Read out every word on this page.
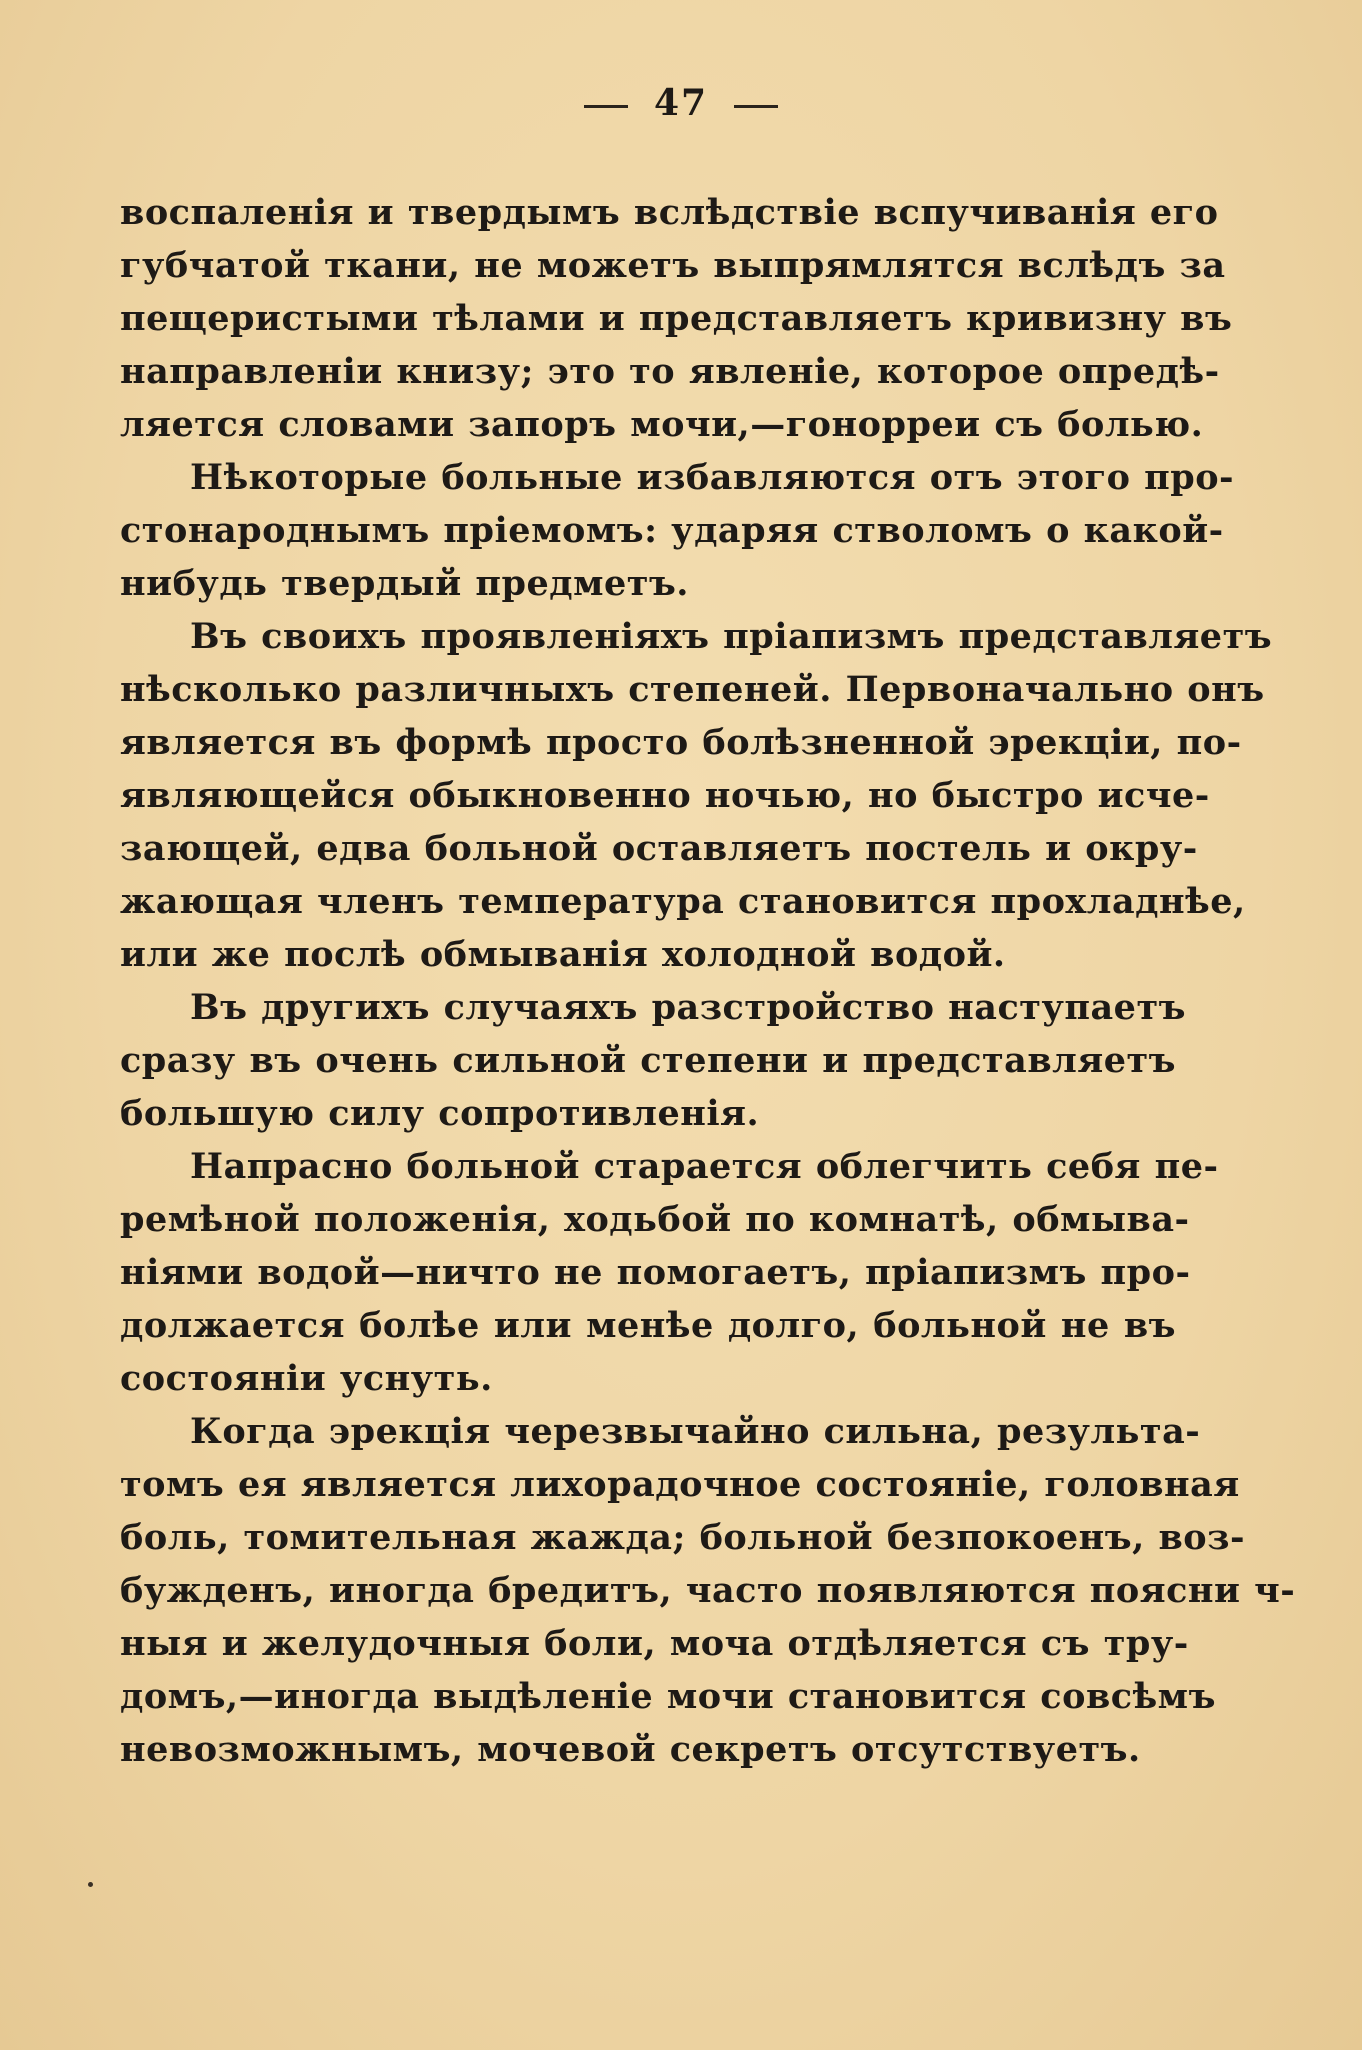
47
воспаленія и твердымъ вслѣдствіе вспучиванія его
губчатой ткани, не можетъ выпрямлятся вслѣдъ за
пещеристыми тѣлами и представляетъ кривизну въ
направленіи книзу; это то явленіе, которое опредѣ-
ляется словами запоръ мочи,—гонорреи съ болью.
Нѣкоторые больные избавляются отъ этого про-
стонароднымъ пріемомъ: ударяя стволомъ о какой-
нибудь твердый предметъ.
Въ своихъ проявленіяхъ пріапизмъ представляетъ
нѣсколько различныхъ степеней. Первоначально онъ
является въ формѣ просто болѣзненной эрекціи, по-
являющейся обыкновенно ночью, но быстро исче-
зающей, едва больной оставляетъ постель и окру-
жающая членъ температура становится прохладнѣе,
или же послѣ обмыванія холодной водой.
Въ другихъ случаяхъ разстройство наступаетъ
сразу въ очень сильной степени и представляетъ
большую силу сопротивленія.
Напрасно больной старается облегчить себя пе-
ремѣной положенія, ходьбой по комнатѣ, обмыва-
ніями водой—ничто не помогаетъ, пріапизмъ про-
должается болѣе или менѣе долго, больной не въ
состояніи уснуть.
Когда эрекція черезвычайно сильна, результа-
томъ ея является лихорадочное состояніе, головная
боль, томительная жажда; больной безпокоенъ, воз-
бужденъ, иногда бредитъ, часто появляются поясни ч-
ныя и желудочныя боли, моча отдѣляется съ тру-
домъ,—иногда выдѣленіе мочи становится совсѣмъ
невозможнымъ, мочевой секретъ отсутствуетъ.
